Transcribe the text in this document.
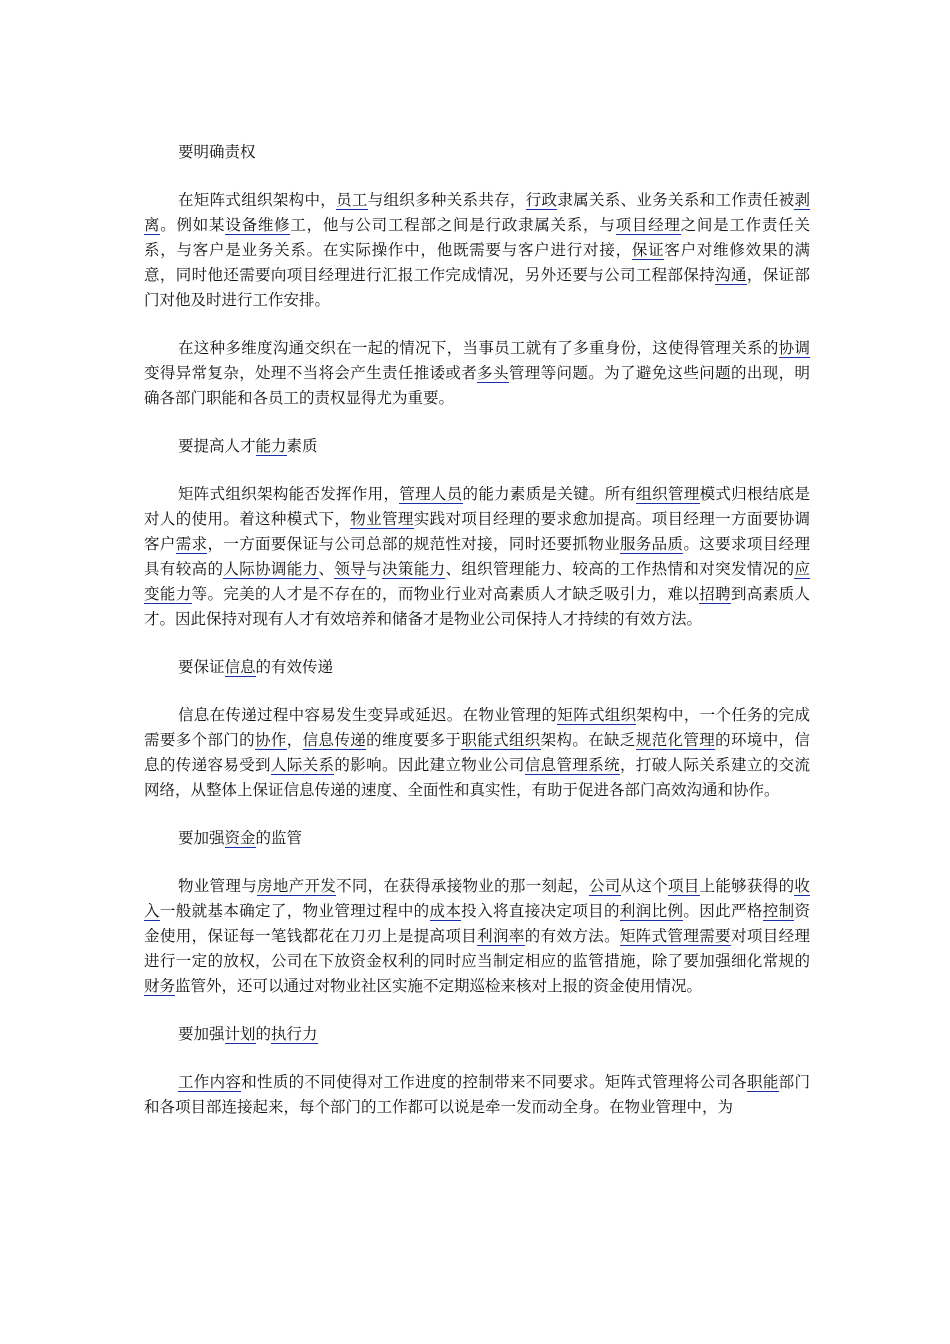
要明确责权

在矩阵式组织架构中，员工与组织多种关系共存，行政隶属关系、业务关系和工作责任被剥离。例如某设备维修工，他与公司工程部之间是行政隶属关系，与项目经理之间是工作责任关系，与客户是业务关系。在实际操作中，他既需要与客户进行对接，保证客户对维修效果的满意，同时他还需要向项目经理进行汇报工作完成情况，另外还要与公司工程部保持沟通，保证部门对他及时进行工作安排。

在这种多维度沟通交织在一起的情况下，当事员工就有了多重身份，这使得管理关系的协调变得异常复杂，处理不当将会产生责任推诿或者多头管理等问题。为了避免这些问题的出现，明确各部门职能和各员工的责权显得尤为重要。

要提高人才能力素质

矩阵式组织架构能否发挥作用，管理人员的能力素质是关键。所有组织管理模式归根结底是对人的使用。着这种模式下，物业管理实践对项目经理的要求愈加提高。项目经理一方面要协调客户需求，一方面要保证与公司总部的规范性对接，同时还要抓物业服务品质。这要求项目经理具有较高的人际协调能力、领导与决策能力、组织管理能力、较高的工作热情和对突发情况的应变能力等。完美的人才是不存在的，而物业行业对高素质人才缺乏吸引力，难以招聘到高素质人才。因此保持对现有人才有效培养和储备才是物业公司保持人才持续的有效方法。

要保证信息的有效传递

信息在传递过程中容易发生变异或延迟。在物业管理的矩阵式组织架构中，一个任务的完成需要多个部门的协作，信息传递的维度要多于职能式组织架构。在缺乏规范化管理的环境中，信息的传递容易受到人际关系的影响。因此建立物业公司信息管理系统，打破人际关系建立的交流网络，从整体上保证信息传递的速度、全面性和真实性，有助于促进各部门高效沟通和协作。

要加强资金的监管

物业管理与房地产开发不同，在获得承接物业的那一刻起，公司从这个项目上能够获得的收入一般就基本确定了，物业管理过程中的成本投入将直接决定项目的利润比例。因此严格控制资金使用，保证每一笔钱都花在刀刃上是提高项目利润率的有效方法。矩阵式管理需要对项目经理进行一定的放权，公司在下放资金权利的同时应当制定相应的监管措施，除了要加强细化常规的财务监管外，还可以通过对物业社区实施不定期巡检来核对上报的资金使用情况。

要加强计划的执行力

工作内容和性质的不同使得对工作进度的控制带来不同要求。矩阵式管理将公司各职能部门和各项目部连接起来，每个部门的工作都可以说是牵一发而动全身。在物业管理中，为
